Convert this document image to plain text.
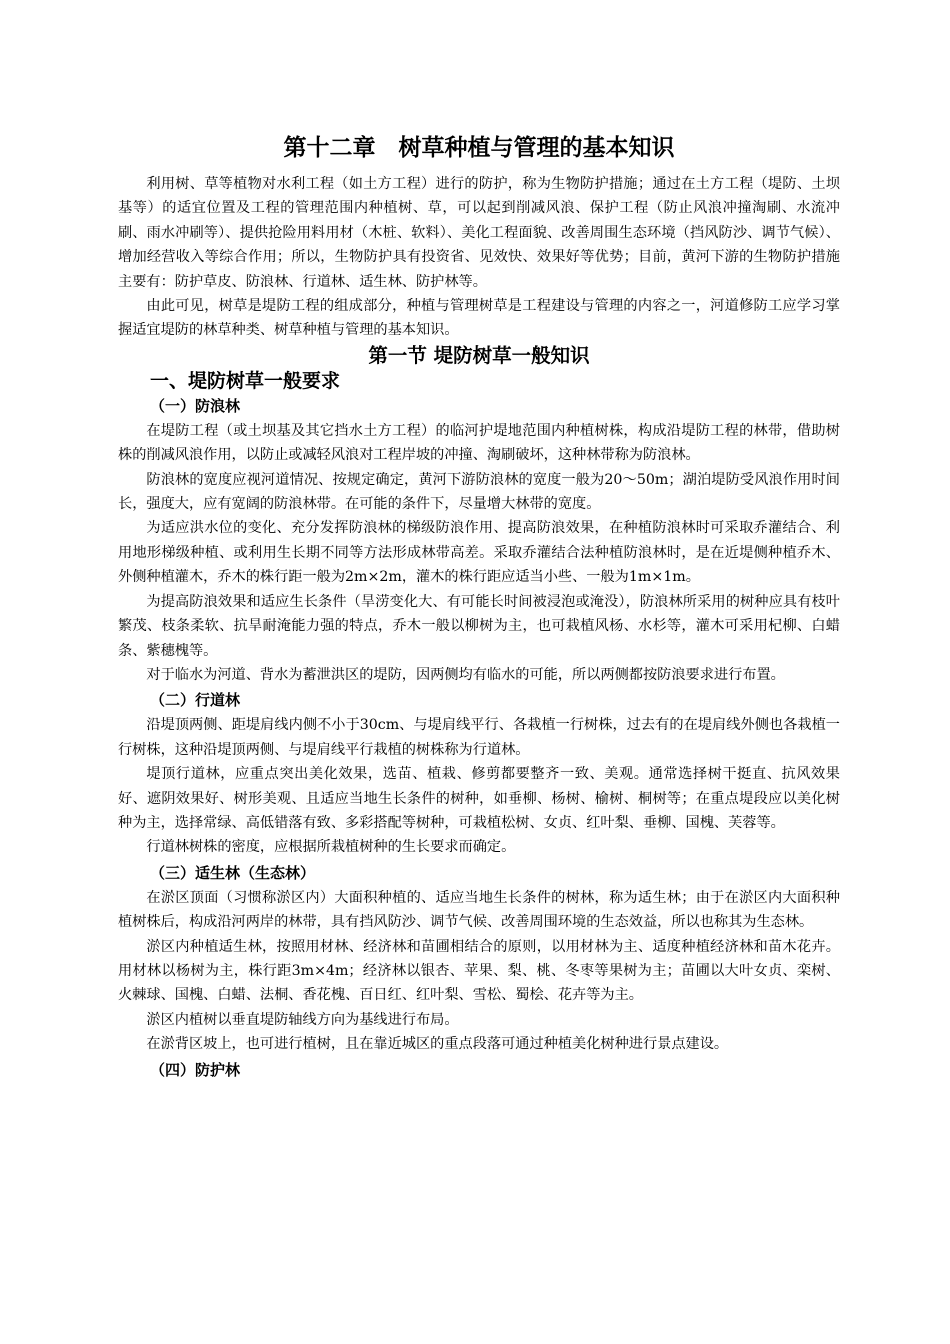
第十二章　树草种植与管理的基本知识

利用树、草等植物对水利工程（如土方工程）进行的防护，称为生物防护措施；通过在土方工程（堤防、土坝基等）的适宜位置及工程的管理范围内种植树、草，可以起到削减风浪、保护工程（防止风浪冲撞淘刷、水流冲刷、雨水冲刷等）、提供抢险用料用材（木桩、软料）、美化工程面貌、改善周围生态环境（挡风防沙、调节气候）、增加经营收入等综合作用；所以，生物防护具有投资省、见效快、效果好等优势；目前，黄河下游的生物防护措施主要有：防护草皮、防浪林、行道林、适生林、防护林等。

由此可见，树草是堤防工程的组成部分，种植与管理树草是工程建设与管理的内容之一，河道修防工应学习掌握适宜堤防的林草种类、树草种植与管理的基本知识。

第一节 堤防树草一般知识
一、堤防树草一般要求
（一）防浪林

在堤防工程（或土坝基及其它挡水土方工程）的临河护堤地范围内种植树株，构成沿堤防工程的林带，借助树株的削减风浪作用，以防止或减轻风浪对工程岸坡的冲撞、淘刷破坏，这种林带称为防浪林。

防浪林的宽度应视河道情况、按规定确定，黄河下游防浪林的宽度一般为20～50m；湖泊堤防受风浪作用时间长，强度大，应有宽阔的防浪林带。在可能的条件下，尽量增大林带的宽度。

为适应洪水位的变化、充分发挥防浪林的梯级防浪作用、提高防浪效果，在种植防浪林时可采取乔灌结合、利用地形梯级种植、或利用生长期不同等方法形成林带高差。采取乔灌结合法种植防浪林时，是在近堤侧种植乔木、外侧种植灌木，乔木的株行距一般为2m×2m，灌木的株行距应适当小些、一般为1m×1m。

为提高防浪效果和适应生长条件（旱涝变化大、有可能长时间被浸泡或淹没），防浪林所采用的树种应具有枝叶繁茂、枝条柔软、抗旱耐淹能力强的特点，乔木一般以柳树为主，也可栽植风杨、水杉等，灌木可采用杞柳、白蜡条、紫穗槐等。

对于临水为河道、背水为蓄泄洪区的堤防，因两侧均有临水的可能，所以两侧都按防浪要求进行布置。

（二）行道林

沿堤顶两侧、距堤肩线内侧不小于30cm、与堤肩线平行、各栽植一行树株，过去有的在堤肩线外侧也各栽植一行树株，这种沿堤顶两侧、与堤肩线平行栽植的树株称为行道林。

堤顶行道林，应重点突出美化效果，选苗、植栽、修剪都要整齐一致、美观。通常选择树干挺直、抗风效果好、遮阴效果好、树形美观、且适应当地生长条件的树种，如垂柳、杨树、榆树、桐树等；在重点堤段应以美化树种为主，选择常绿、高低错落有致、多彩搭配等树种，可栽植松树、女贞、红叶梨、垂柳、国槐、芙蓉等。

行道林树株的密度，应根据所栽植树种的生长要求而确定。

（三）适生林（生态林）

在淤区顶面（习惯称淤区内）大面积种植的、适应当地生长条件的树林，称为适生林；由于在淤区内大面积种植树株后，构成沿河两岸的林带，具有挡风防沙、调节气候、改善周围环境的生态效益，所以也称其为生态林。

淤区内种植适生林，按照用材林、经济林和苗圃相结合的原则，以用材林为主、适度种植经济林和苗木花卉。用材林以杨树为主，株行距3m×4m；经济林以银杏、苹果、梨、桃、冬枣等果树为主；苗圃以大叶女贞、栾树、火棘球、国槐、白蜡、法桐、香花槐、百日红、红叶梨、雪松、蜀桧、花卉等为主。

淤区内植树以垂直堤防轴线方向为基线进行布局。

在淤背区坡上，也可进行植树，且在靠近城区的重点段落可通过种植美化树种进行景点建设。

（四）防护林
